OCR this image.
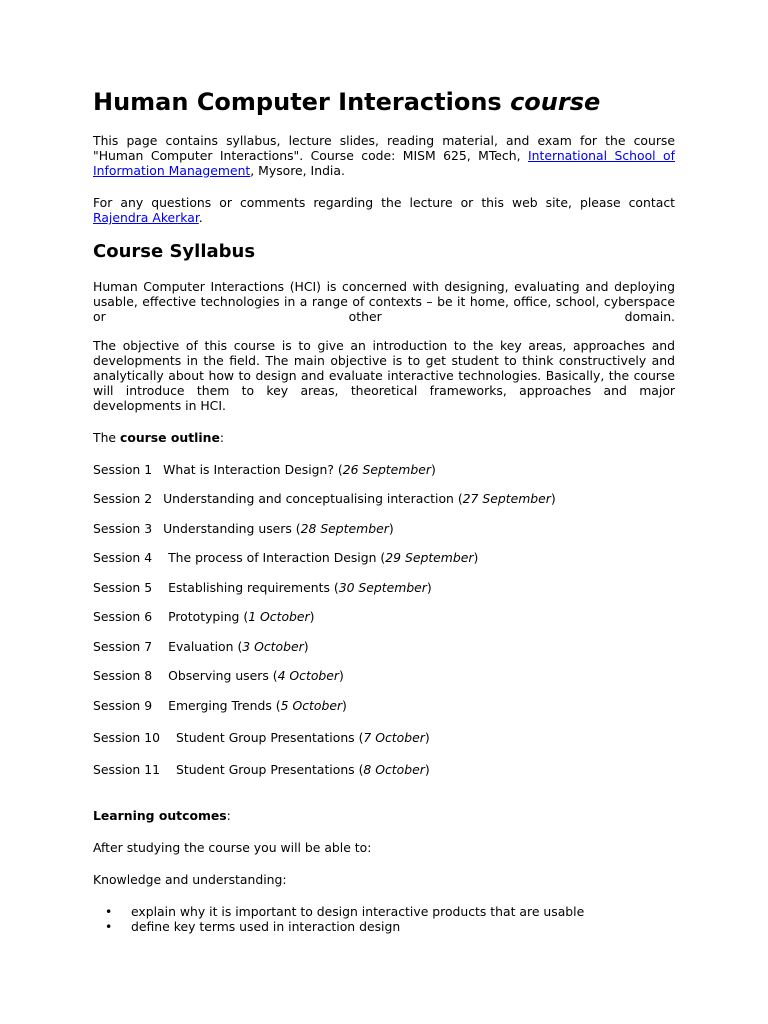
Human Computer Interactions course

This page contains syllabus, lecture slides, reading material, and exam for the course "Human Computer Interactions". Course code: MISM 625, MTech, International School of Information Management, Mysore, India.

For any questions or comments regarding the lecture or this web site, please contact Rajendra Akerkar.

Course Syllabus

Human Computer Interactions (HCI) is concerned with designing, evaluating and deploying usable, effective technologies in a range of contexts – be it home, office, school, cyberspace or other domain.

The objective of this course is to give an introduction to the key areas, approaches and developments in the field. The main objective is to get student to think constructively and analytically about how to design and evaluate interactive technologies. Basically, the course will introduce them to key areas, theoretical frameworks, approaches and major developments in HCI.

The course outline:

Session 1 What is Interaction Design? (26 September)

Session 2 Understanding and conceptualising interaction (27 September)

Session 3 Understanding users (28 September)

Session 4 The process of Interaction Design (29 September)

Session 5 Establishing requirements (30 September)

Session 6 Prototyping (1 October)

Session 7 Evaluation (3 October)

Session 8 Observing users (4 October)

Session 9 Emerging Trends (5 October)

Session 10 Student Group Presentations (7 October)

Session 11 Student Group Presentations (8 October)

Learning outcomes:

After studying the course you will be able to:

Knowledge and understanding:

• explain why it is important to design interactive products that are usable
• define key terms used in interaction design
